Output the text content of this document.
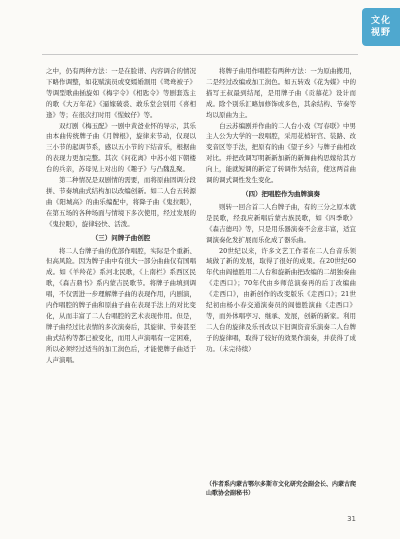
文化
视野

之中，仍有两种方法：一是在脸谱、内容调合的情况下略作调整，如花赋演员或变嫣婚割用《鸳鸯被子》等调型歌曲插旋如《梅宇令》《相匙令》等剧套选主的歌《大万年花》《逼嫁破裘、敢乐堂会别用《喜相逢》等；在很次打时用《惺蚊仔》等。

双灯剧《梅玉配》一剧中黄爸业怀的导示，其乐由本曲传统牌子曲《月牌根》，旋律来节动，仅现以三小节的起调节系，感以五小节的下结音乐，根据曲的表现力更加完整。其次《问花离》中苏小姐下朝楼台的兵亲，苏母见上对出的《趣子》与凸魏乱聚。

第二种情况是双剧情的需要，而将原曲固调分段拼、节奏填曲式结构加以改编创新。如二人台五转源曲《阳城高》的曲乐编配中，将降子曲《鬼拉眼》，在第五场的各种场面与情境下多次使用，经过发展的《鬼拉眼》，旋律轻快、活泼。

（三）问牌子曲创腔

将二人台牌子曲的优部作唱腔，实际是个重新、但高风险。因为牌子曲中有很大一部分曲曲仅有国唱成。如《羊羚花》系河北民歌，《上南栏》系西区民歌，《森吉鼎书》系内蒙吉民歌节。将牌子曲填到调唱，不仅需进一步理解牌子曲的表现作用，内剧演，内作唱腔的牌子曲和原曲子曲在表现手法上的对比变化，从而丰富了二人台唱腔的艺术表现作用。但是，牌子曲经过比表情的多次演奏后，其旋律、节奏甚至曲式结构等都已被变化，而用人声演唱有一定困难，所以必须经过适当的加工润色后，才能使牌子曲适于人声演唱。

将牌子曲用作唱腔有两种方法：一为原曲搬用，二是经过改编或加工润色。如五转戏《花为媒》中的描写王叔最到结尾，是用牌子曲《贡慕花》设计而成。除个别乐汇略加修饰或多色，其余结构、节奏等均以原曲为主。

白云苏编剧并作曲的二人台小戏《写春联》中男主人公为大学的一段唱腔，采用花梢轩宫、装路、改变音区等手法，把原有的曲《望子乡》与牌子曲相改对比。并把改调写明新新加新的新舞曲构思嫁给其方向上，能就短调的新定了转调作为结音，使这两首曲调的调式调性发生变化。

（四）把唱腔作为曲牌演奏

则转一回合首二人台牌子曲，有的三分之原本就是民歌，经我应新唱后蒙古族民歌，如《四季歌》《森吉德玛》等，只是用乐器演奏不会意丰富，适宜调演奏化发扩展而乐化成了器乐曲。

20世纪以来，许多文艺工作者在二人台音乐领域做了新的发展，取得了很好的成果。在20世纪60年代由阎德胜用二人台和旋新曲把改编的二胡独奏曲《走西口》；70年代由乡师范演奏再的后丁改编曲《走西口》，由新创作的改变版乐《走西口》；21世纪初由杨小春交通演奏员的阎德胜演曲《走西口》等，而外体唱亭习、继承、发展，创新的新家。利用二人台的旋律及乐刊改以下旧调资音乐演奏二人台牌子的旋律唱，取得了较好的效果作演奏，并获得了成功。（未完待续）

（作者系内蒙古鄂尔多斯市文化研究会副会长、内蒙古爬山歌协会副秘书）
31
